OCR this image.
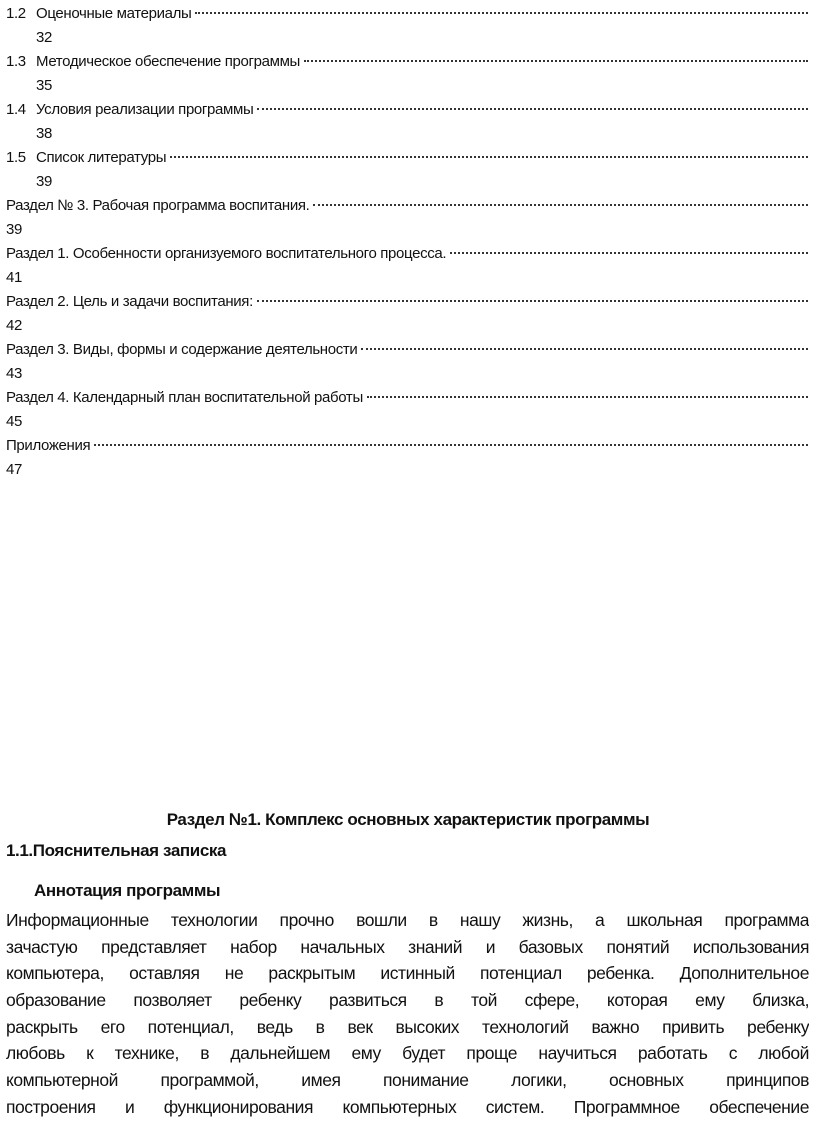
1.2 Оценочные материалы
32
1.3 Методическое обеспечение программы
35
1.4 Условия реализации программы
38
1.5 Список литературы
39
Раздел № 3. Рабочая программа воспитания.
39
Раздел 1. Особенности организуемого воспитательного процесса.
41
Раздел 2. Цель и задачи воспитания:
42
Раздел 3. Виды, формы и содержание деятельности
43
Раздел 4. Календарный план воспитательной работы
45
Приложения
47
Раздел №1. Комплекс основных характеристик программы
1.1.Пояснительная записка
Аннотация программы
Информационные технологии прочно вошли в нашу жизнь, а школьная программа
зачастую представляет набор начальных знаний и базовых понятий использования
компьютера, оставляя не раскрытым истинный потенциал ребенка. Дополнительное
образование позволяет ребенку развиться в той сфере, которая ему близка,
раскрыть его потенциал, ведь в век высоких технологий важно привить ребенку
любовь к технике, в дальнейшем ему будет проще научиться работать с любой
компьютерной программой, имея понимание логики, основных принципов
построения и функционирования компьютерных систем. Программное обеспечение
